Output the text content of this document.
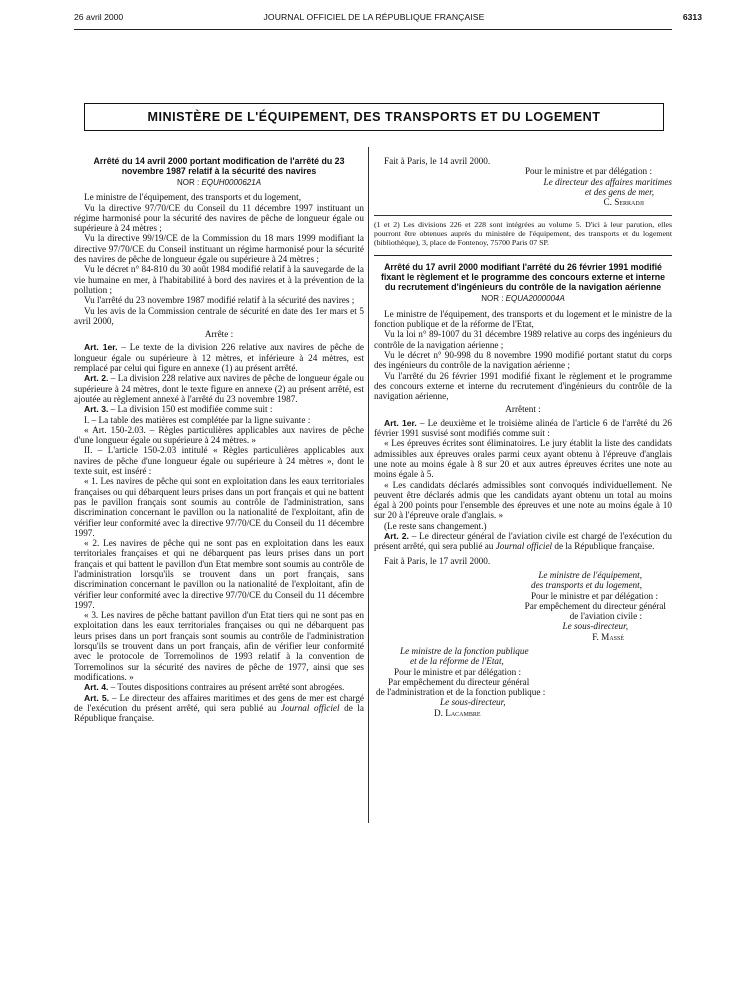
26 avril 2000	JOURNAL OFFICIEL DE LA RÉPUBLIQUE FRANÇAISE	6313
MINISTÈRE DE L'ÉQUIPEMENT, DES TRANSPORTS ET DU LOGEMENT
Arrêté du 14 avril 2000 portant modification de l'arrêté du 23 novembre 1987 relatif à la sécurité des navires
NOR : EQUH0000621A

Le ministre de l'équipement, des transports et du logement,

Vu la directive 97/70/CE du Conseil du 11 décembre 1997 instituant un régime harmonisé pour la sécurité des navires de pêche de longueur égale ou supérieure à 24 mètres ;

Vu la directive 99/19/CE de la Commission du 18 mars 1999 modifiant la directive 97/70/CE du Conseil instituant un régime harmonisé pour la sécurité des navires de pêche de longueur égale ou supérieure à 24 mètres ;

Vu le décret n° 84-810 du 30 août 1984 modifié relatif à la sauvegarde de la vie humaine en mer, à l'habitabilité à bord des navires et à la prévention de la pollution ;

Vu l'arrêté du 23 novembre 1987 modifié relatif à la sécurité des navires ;

Vu les avis de la Commission centrale de sécurité en date des 1er mars et 5 avril 2000,

Arrête :

Art. 1er. – Le texte de la division 226 relative aux navires de pêche de longueur égale ou supérieure à 12 mètres, et inférieure à 24 mètres, est remplacé par celui qui figure en annexe (1) au présent arrêté.

Art. 2. – La division 228 relative aux navires de pêche de longueur égale ou supérieure à 24 mètres, dont le texte figure en annexe (2) au présent arrêté, est ajoutée au règlement annexé à l'arrêté du 23 novembre 1987.

Art. 3. – La division 150 est modifiée comme suit :

I. – La table des matières est complétée par la ligne suivante :

« Art. 150-2.03. – Règles particulières applicables aux navires de pêche d'une longueur égale ou supérieure à 24 mètres. »

II. – L'article 150-2.03 intitulé « Règles particulières applicables aux navires de pêche d'une longueur égale ou supérieure à 24 mètres », dont le texte suit, est inséré :

« 1. Les navires de pêche qui sont en exploitation dans les eaux territoriales françaises ou qui débarquent leurs prises dans un port français et qui ne battent pas le pavillon français sont soumis au contrôle de l'administration, sans discrimination concernant le pavillon ou la nationalité de l'exploitant, afin de vérifier leur conformité avec la directive 97/70/CE du Conseil du 11 décembre 1997.

« 2. Les navires de pêche qui ne sont pas en exploitation dans les eaux territoriales françaises et qui ne débarquent pas leurs prises dans un port français et qui battent le pavillon d'un Etat membre sont soumis au contrôle de l'administration lorsqu'ils se trouvent dans un port français, sans discrimination concernant le pavillon ou la nationalité de l'exploitant, afin de vérifier leur conformité avec la directive 97/70/CE du Conseil du 11 décembre 1997.

« 3. Les navires de pêche battant pavillon d'un Etat tiers qui ne sont pas en exploitation dans les eaux territoriales françaises ou qui ne débarquent pas leurs prises dans un port français sont soumis au contrôle de l'administration lorsqu'ils se trouvent dans un port français, afin de vérifier leur conformité avec le protocole de Torremolinos de 1993 relatif à la convention de Torremolinos sur la sécurité des navires de pêche de 1977, ainsi que ses modifications. »

Art. 4. – Toutes dispositions contraires au présent arrêté sont abrogées.

Art. 5. – Le directeur des affaires maritimes et des gens de mer est chargé de l'exécution du présent arrêté, qui sera publié au Journal officiel de la République française.

Fait à Paris, le 14 avril 2000.

Pour le ministre et par délégation :

Le directeur des affaires maritimes

et des gens de mer,

C. Serradji

(1 et 2) Les divisions 226 et 228 sont intégrées au volume 5. D'ici à leur parution, elles pourront être obtenues auprès du ministère de l'équipement, des transports et du logement (bibliothèque), 3, place de Fontenoy, 75700 Paris 07 SP.

Arrêté du 17 avril 2000 modifiant l'arrêté du 26 février 1991 modifié fixant le règlement et le programme des concours externe et interne du recrutement d'ingénieurs du contrôle de la navigation aérienne
NOR : EQUA2000004A

Le ministre de l'équipement, des transports et du logement et le ministre de la fonction publique et de la réforme de l'Etat,

Vu la loi n° 89-1007 du 31 décembre 1989 relative au corps des ingénieurs du contrôle de la navigation aérienne ;

Vu le décret n° 90-998 du 8 novembre 1990 modifié portant statut du corps des ingénieurs du contrôle de la navigation aérienne ;

Vu l'arrêté du 26 février 1991 modifié fixant le règlement et le programme des concours externe et interne du recrutement d'ingénieurs du contrôle de la navigation aérienne,

Arrêtent :

Art. 1er. – Le deuxième et le troisième alinéa de l'article 6 de l'arrêté du 26 février 1991 susvisé sont modifiés comme suit :

« Les épreuves écrites sont éliminatoires. Le jury établit la liste des candidats admissibles aux épreuves orales parmi ceux ayant obtenu à l'épreuve d'anglais une note au moins égale à 8 sur 20 et aux autres épreuves écrites une note au moins égale à 5.

« Les candidats déclarés admissibles sont convoqués individuellement. Ne peuvent être déclarés admis que les candidats ayant obtenu un total au moins égal à 200 points pour l'ensemble des épreuves et une note au moins égale à 10 sur 20 à l'épreuve orale d'anglais. »

(Le reste sans changement.)

Art. 2. – Le directeur général de l'aviation civile est chargé de l'exécution du présent arrêté, qui sera publié au Journal officiel de la République française.

Fait à Paris, le 17 avril 2000.

Le ministre de l'équipement,

des transports et du logement,

Pour le ministre et par délégation :

Par empêchement du directeur général

de l'aviation civile :

Le sous-directeur,

F. Massé

Le ministre de la fonction publique

et de la réforme de l'Etat,

Pour le ministre et par délégation :

Par empêchement du directeur général

de l'administration et de la fonction publique :

Le sous-directeur,

D. Lacambre
